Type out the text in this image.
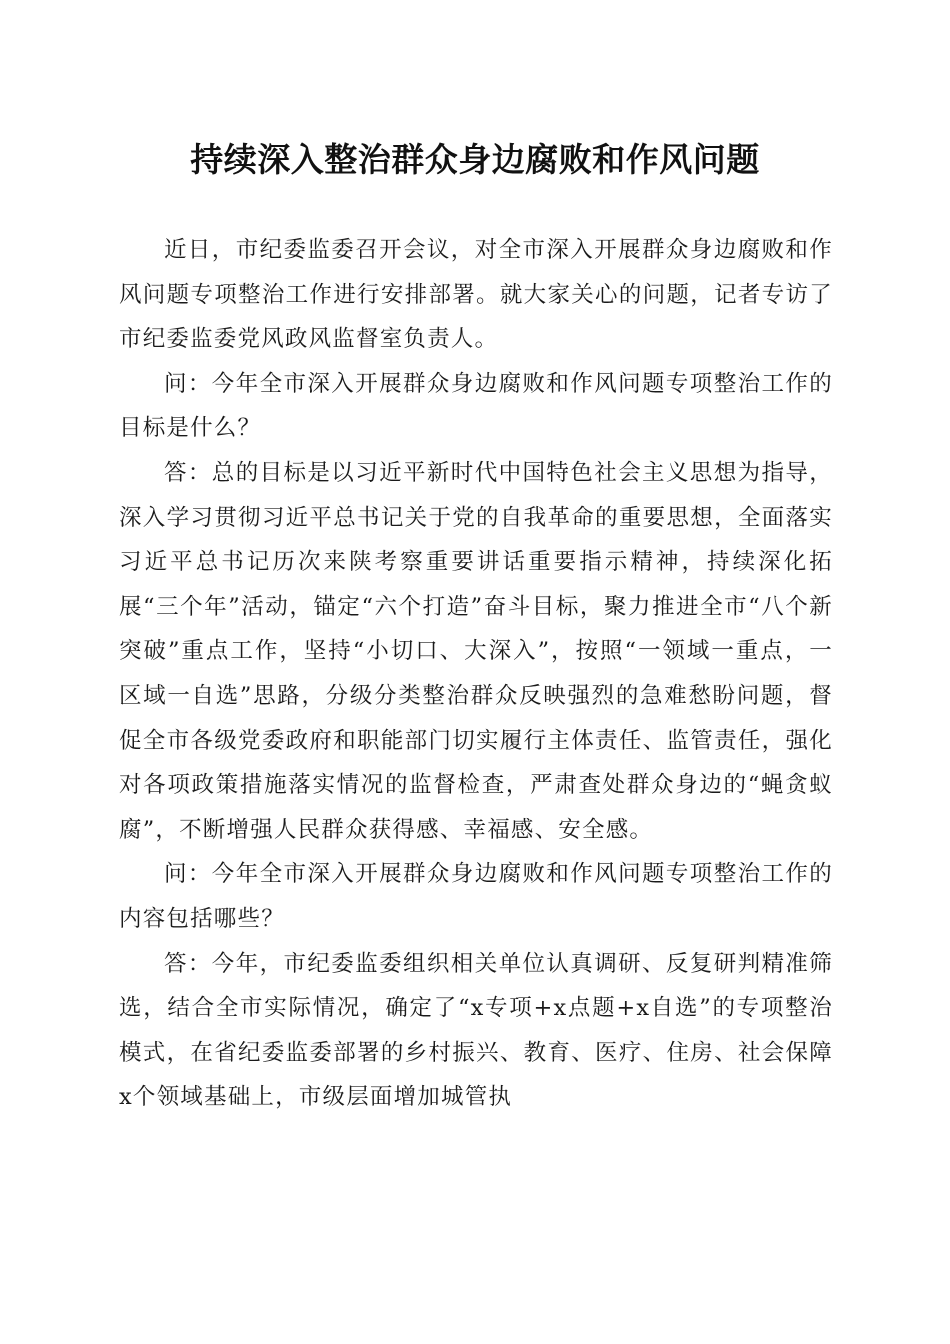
持续深入整治群众身边腐败和作风问题

近日，市纪委监委召开会议，对全市深入开展群众身边腐败和作风问题专项整治工作进行安排部署。就大家关心的问题，记者专访了市纪委监委党风政风监督室负责人。

问：今年全市深入开展群众身边腐败和作风问题专项整治工作的目标是什么？

答：总的目标是以习近平新时代中国特色社会主义思想为指导，深入学习贯彻习近平总书记关于党的自我革命的重要思想，全面落实习近平总书记历次来陕考察重要讲话重要指示精神，持续深化拓展“三个年”活动，锚定“六个打造”奋斗目标，聚力推进全市“八个新突破”重点工作，坚持“小切口、大深入”，按照“一领域一重点，一区域一自选”思路，分级分类整治群众反映强烈的急难愁盼问题，督促全市各级党委政府和职能部门切实履行主体责任、监管责任，强化对各项政策措施落实情况的监督检查，严肃查处群众身边的“蝇贪蚁腐”，不断增强人民群众获得感、幸福感、安全感。

问：今年全市深入开展群众身边腐败和作风问题专项整治工作的内容包括哪些？

答：今年，市纪委监委组织相关单位认真调研、反复研判精准筛选，结合全市实际情况，确定了“x专项+x点题+x自选”的专项整治模式，在省纪委监委部署的乡村振兴、教育、医疗、住房、社会保障x个领域基础上，市级层面增加城管执
